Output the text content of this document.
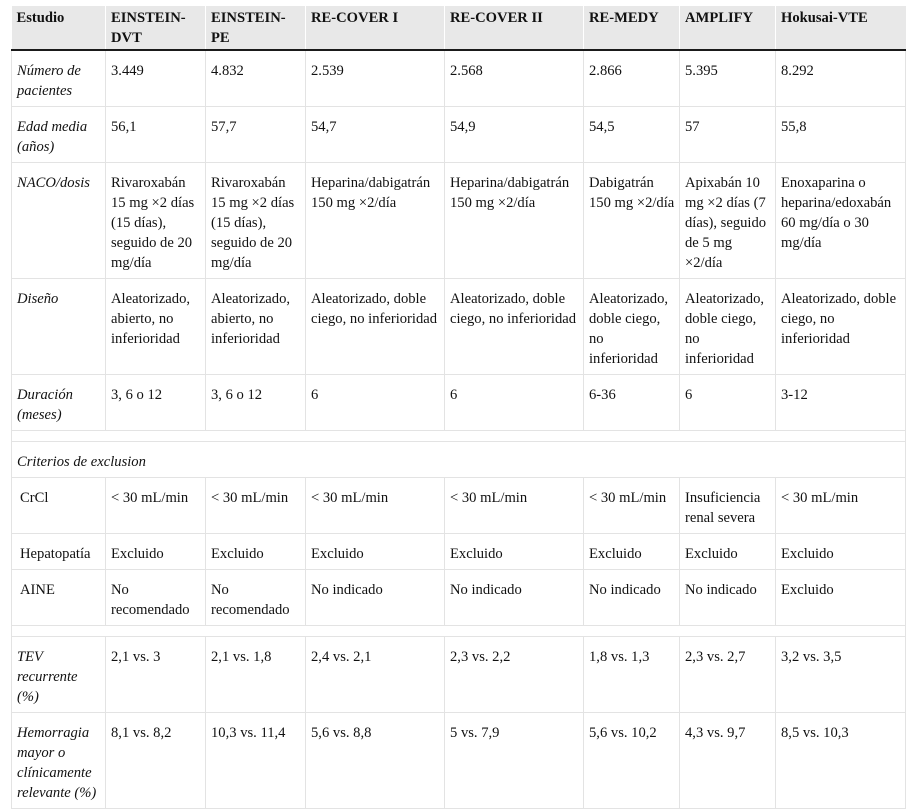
Estudio	EINSTEIN-DVT	EINSTEIN-PE	RE-COVER I	RE-COVER II	RE-MEDY	AMPLIFY	Hokusai-VTE
Número de pacientes	3.449	4.832	2.539	2.568	2.866	5.395	8.292
Edad media (años)	56,1	57,7	54,7	54,9	54,5	57	55,8
NACO/dosis	Rivaroxabán 15 mg ×2 días (15 días), seguido de 20 mg/día	Rivaroxabán 15 mg ×2 días (15 días), seguido de 20 mg/día	Heparina/dabigatrán 150 mg ×2/día	Heparina/dabigatrán 150 mg ×2/día	Dabigatrán 150 mg ×2/día	Apixabán 10 mg ×2 días (7 días), seguido de 5 mg ×2/día	Enoxaparina o heparina/edoxabán 60 mg/día o 30 mg/día
Diseño	Aleatorizado, abierto, no inferioridad	Aleatorizado, abierto, no inferioridad	Aleatorizado, doble ciego, no inferioridad	Aleatorizado, doble ciego, no inferioridad	Aleatorizado, doble ciego, no inferioridad	Aleatorizado, doble ciego, no inferioridad	Aleatorizado, doble ciego, no inferioridad
Duración (meses)	3, 6 o 12	3, 6 o 12	6	6	6-36	6	3-12

Criterios de exclusion							
CrCl	< 30 mL/min	< 30 mL/min	< 30 mL/min	< 30 mL/min	< 30 mL/min	Insuficiencia renal severa	< 30 mL/min
Hepatopatía	Excluido	Excluido	Excluido	Excluido	Excluido	Excluido	Excluido
AINE	No recomendado	No recomendado	No indicado	No indicado	No indicado	No indicado	Excluido

TEV recurrente (%)	2,1 vs. 3	2,1 vs. 1,8	2,4 vs. 2,1	2,3 vs. 2,2	1,8 vs. 1,3	2,3 vs. 2,7	3,2 vs. 3,5
Hemorragia mayor o clínicamente relevante (%)	8,1 vs. 8,2	10,3 vs. 11,4	5,6 vs. 8,8	5 vs. 7,9	5,6 vs. 10,2	4,3 vs. 9,7	8,5 vs. 10,3
